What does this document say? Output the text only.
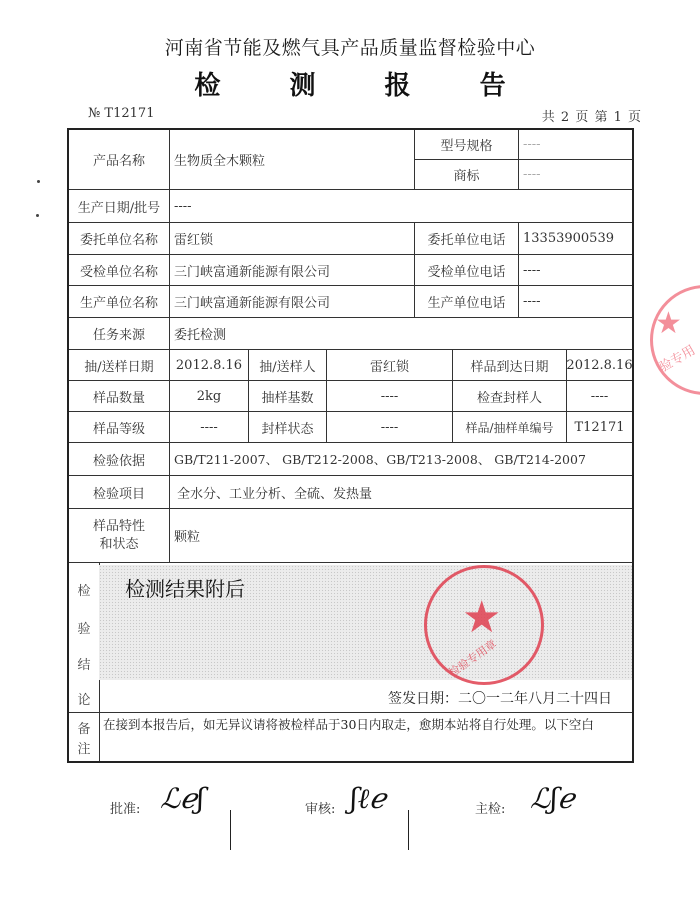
河南省节能及燃气具产品质量监督检验中心
检	测	报	告
№ T12171	共 2 页 第 1 页
产品名称	生物质全木颗粒
型号规格	----
商标	----
生产日期/批号	----
委托单位名称	雷红锁	委托单位电话	13353900539
受检单位名称	三门峡富通新能源有限公司	受检单位电话	----
生产单位名称	三门峡富通新能源有限公司	生产单位电话	----
任务来源	委托检测
抽/送样日期	2012.8.16	抽/送样人	雷红锁	样品到达日期	2012.8.16
样品数量	2kg	抽样基数	----	检查封样人	----
样品等级	----	封样状态	----	样品/抽样单编号	T12171
检验依据	GB/T211-2007、 GB/T212-2008、GB/T213-2008、 GB/T214-2007
检验项目	全水分、工业分析、全硫、发热量
样品特性
和状态	颗粒
检
验
结
论
检测结果附后
签发日期：二〇一二年八月二十四日
备
注
在接到本报告后，如无异议请将被检样品于30日内取走，愈期本站将自行处理。以下空白
★
检验专用章
★
验专用
批准: ℒℯʃ	审核: ʃℓℯ	主检: ℒʃℯ
